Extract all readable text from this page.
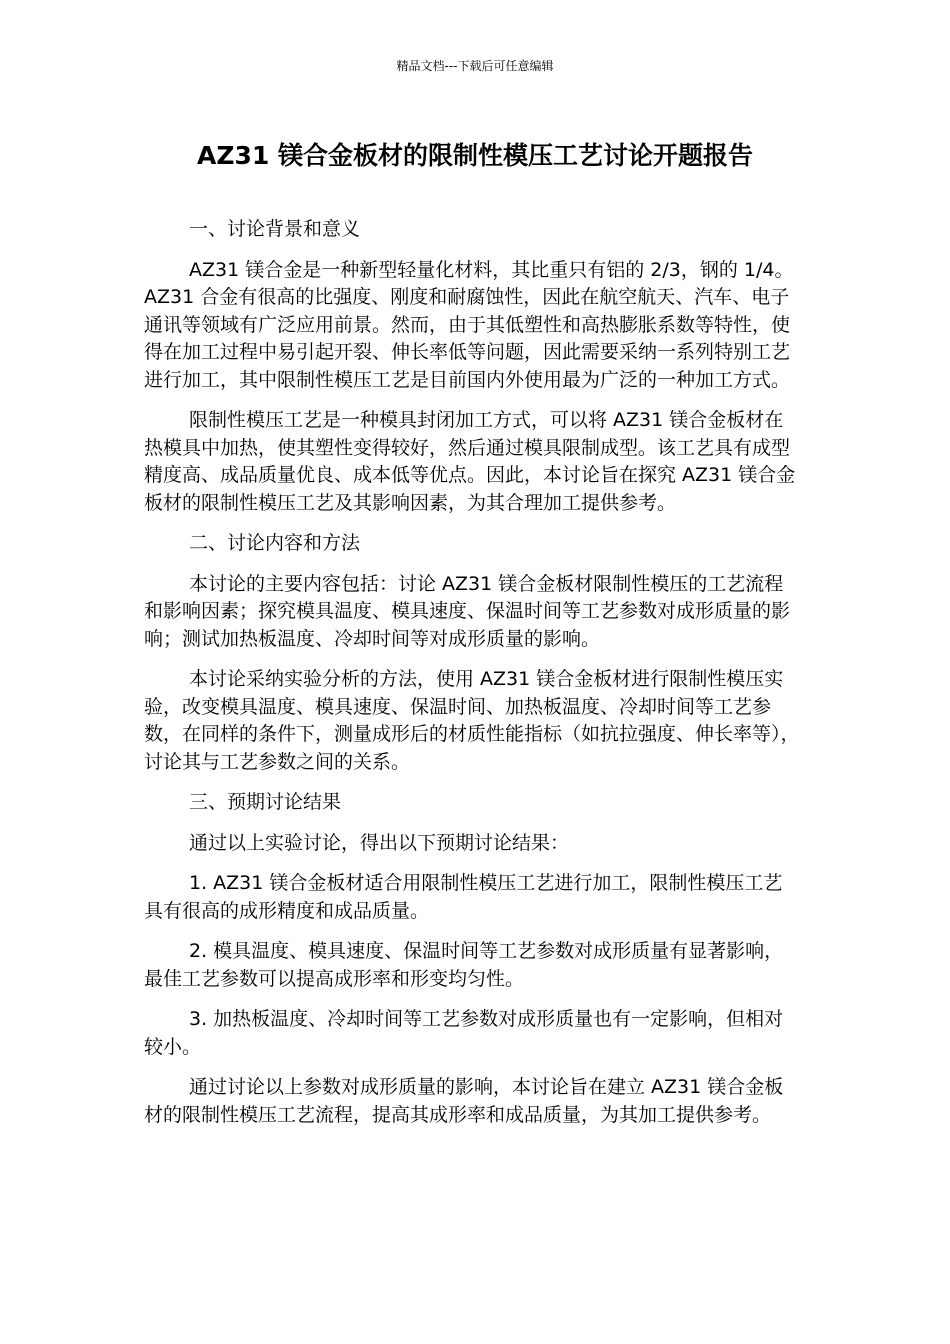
精品文档---下载后可任意编辑
AZ31 镁合金板材的限制性模压工艺讨论开题报告

一、讨论背景和意义

AZ31 镁合金是一种新型轻量化材料，其比重只有铝的 2/3，钢的 1/4。AZ31 合金有很高的比强度、刚度和耐腐蚀性，因此在航空航天、汽车、电子通讯等领域有广泛应用前景。然而，由于其低塑性和高热膨胀系数等特性，使得在加工过程中易引起开裂、伸长率低等问题，因此需要采纳一系列特别工艺进行加工，其中限制性模压工艺是目前国内外使用最为广泛的一种加工方式。

限制性模压工艺是一种模具封闭加工方式，可以将 AZ31 镁合金板材在热模具中加热，使其塑性变得较好，然后通过模具限制成型。该工艺具有成型精度高、成品质量优良、成本低等优点。因此，本讨论旨在探究 AZ31 镁合金板材的限制性模压工艺及其影响因素，为其合理加工提供参考。

二、讨论内容和方法

本讨论的主要内容包括：讨论 AZ31 镁合金板材限制性模压的工艺流程和影响因素；探究模具温度、模具速度、保温时间等工艺参数对成形质量的影响；测试加热板温度、冷却时间等对成形质量的影响。

本讨论采纳实验分析的方法，使用 AZ31 镁合金板材进行限制性模压实验，改变模具温度、模具速度、保温时间、加热板温度、冷却时间等工艺参数，在同样的条件下，测量成形后的材质性能指标（如抗拉强度、伸长率等），讨论其与工艺参数之间的关系。

三、预期讨论结果

通过以上实验讨论，得出以下预期讨论结果：

1. AZ31 镁合金板材适合用限制性模压工艺进行加工，限制性模压工艺具有很高的成形精度和成品质量。

2. 模具温度、模具速度、保温时间等工艺参数对成形质量有显著影响，最佳工艺参数可以提高成形率和形变均匀性。

3. 加热板温度、冷却时间等工艺参数对成形质量也有一定影响，但相对较小。

通过讨论以上参数对成形质量的影响，本讨论旨在建立 AZ31 镁合金板材的限制性模压工艺流程，提高其成形率和成品质量，为其加工提供参考。
